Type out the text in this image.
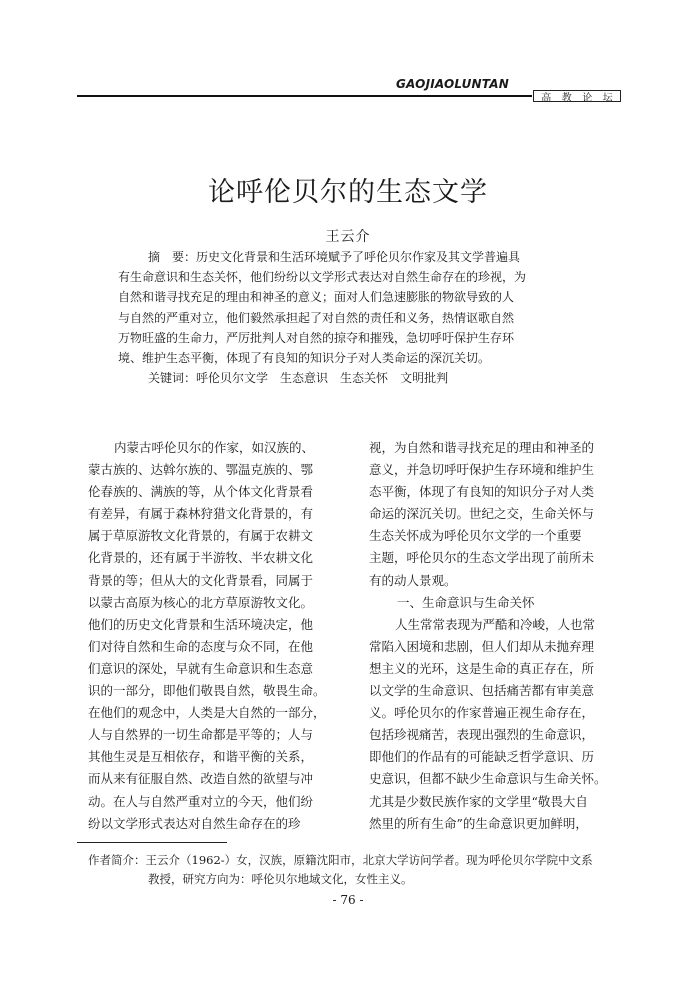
GAOJIAOLUNTAN
高 教 论 坛
论呼伦贝尔的生态文学
王云介
摘　要：历史文化背景和生活环境赋予了呼伦贝尔作家及其文学普遍具
有生命意识和生态关怀，他们纷纷以文学形式表达对自然生命存在的珍视，为
自然和谐寻找充足的理由和神圣的意义；面对人们急速膨胀的物欲导致的人
与自然的严重对立，他们毅然承担起了对自然的责任和义务，热情讴歌自然
万物旺盛的生命力，严厉批判人对自然的掠夺和摧残，急切呼吁保护生存环
境、维护生态平衡，体现了有良知的知识分子对人类命运的深沉关切。
关键词：呼伦贝尔文学 生态意识 生态关怀 文明批判
内蒙古呼伦贝尔的作家，如汉族的、
蒙古族的、达斡尔族的、鄂温克族的、鄂
伦春族的、满族的等，从个体文化背景看
有差异，有属于森林狩猎文化背景的，有
属于草原游牧文化背景的，有属于农耕文
化背景的，还有属于半游牧、半农耕文化
背景的等；但从大的文化背景看，同属于
以蒙古高原为核心的北方草原游牧文化。
他们的历史文化背景和生活环境决定，他
们对待自然和生命的态度与众不同，在他
们意识的深处，早就有生命意识和生态意
识的一部分，即他们敬畏自然，敬畏生命。
在他们的观念中，人类是大自然的一部分，
人与自然界的一切生命都是平等的；人与
其他生灵是互相依存，和谐平衡的关系，
而从来有征服自然、改造自然的欲望与冲
动。在人与自然严重对立的今天，他们纷
纷以文学形式表达对自然生命存在的珍
视，为自然和谐寻找充足的理由和神圣的
意义，并急切呼吁保护生存环境和维护生
态平衡，体现了有良知的知识分子对人类
命运的深沉关切。世纪之交，生命关怀与
生态关怀成为呼伦贝尔文学的一个重要
主题，呼伦贝尔的生态文学出现了前所未
有的动人景观。
一、生命意识与生命关怀
人生常常表现为严酷和冷峻，人也常
常陷入困境和悲剧，但人们却从未抛弃理
想主义的光环，这是生命的真正存在，所
以文学的生命意识、包括痛苦都有审美意
义。呼伦贝尔的作家普遍正视生命存在，
包括珍视痛苦，表现出强烈的生命意识，
即他们的作品有的可能缺乏哲学意识、历
史意识，但都不缺少生命意识与生命关怀。
尤其是少数民族作家的文学里“敬畏大自
然里的所有生命”的生命意识更加鲜明，
作者简介：王云介（1962-）女，汉族，原籍沈阳市，北京大学访问学者。现为呼伦贝尔学院中文系
教授，研究方向为：呼伦贝尔地域文化，女性主义。
- 76 -
